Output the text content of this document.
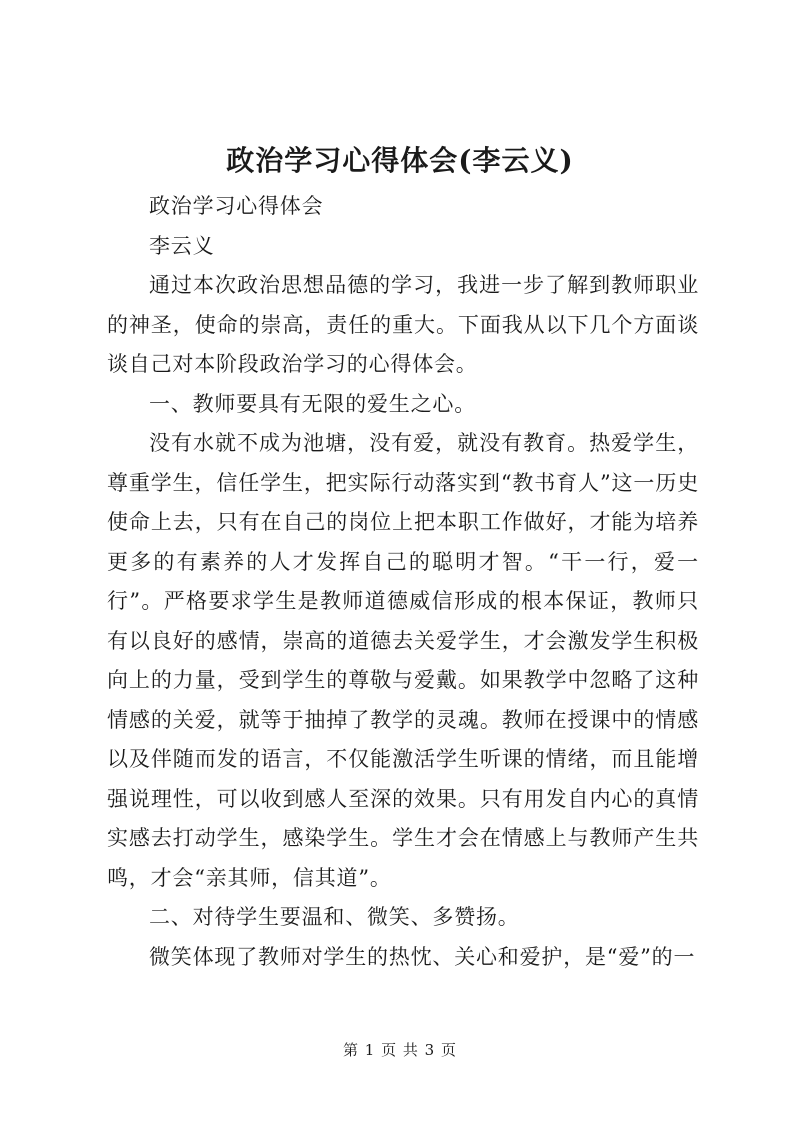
政治学习心得体会(李云义)

政治学习心得体会

李云义

通过本次政治思想品德的学习，我进一步了解到教师职业的神圣，使命的崇高，责任的重大。下面我从以下几个方面谈谈自己对本阶段政治学习的心得体会。

一、教师要具有无限的爱生之心。

没有水就不成为池塘，没有爱，就没有教育。热爱学生，尊重学生，信任学生，把实际行动落实到“教书育人”这一历史使命上去，只有在自己的岗位上把本职工作做好，才能为培养更多的有素养的人才发挥自己的聪明才智。“干一行，爱一行”。严格要求学生是教师道德威信形成的根本保证，教师只有以良好的感情，崇高的道德去关爱学生，才会激发学生积极向上的力量，受到学生的尊敬与爱戴。如果教学中忽略了这种情感的关爱，就等于抽掉了教学的灵魂。教师在授课中的情感以及伴随而发的语言，不仅能激活学生听课的情绪，而且能增强说理性，可以收到感人至深的效果。只有用发自内心的真情实感去打动学生，感染学生。学生才会在情感上与教师产生共鸣，才会“亲其师，信其道”。

二、对待学生要温和、微笑、多赞扬。

微笑体现了教师对学生的热忱、关心和爱护，是“爱”的一

第 1 页 共 3 页
